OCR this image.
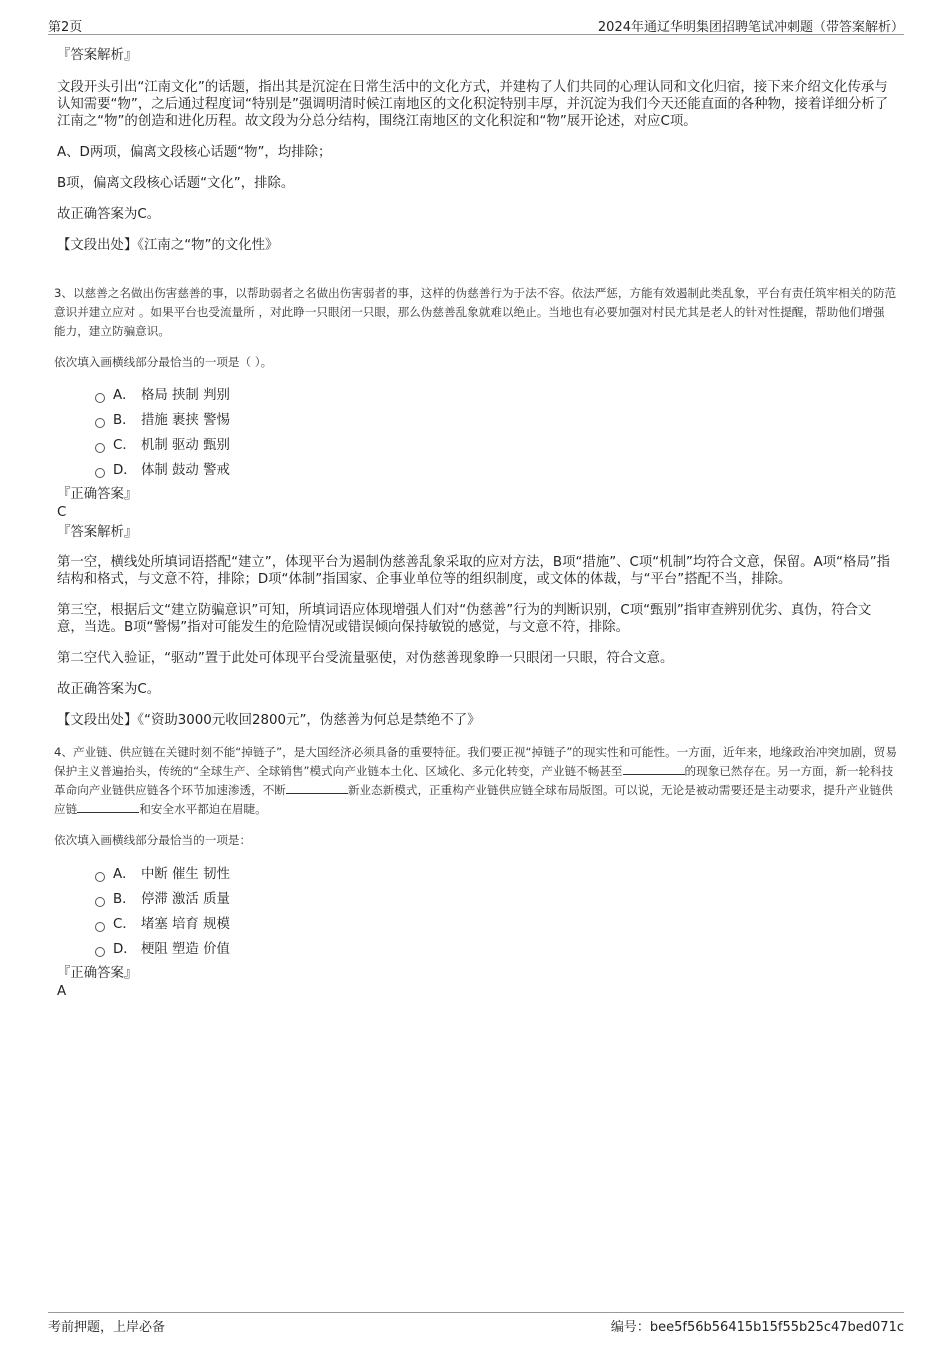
第2页	2024年通辽华明集团招聘笔试冲刺题（带答案解析）
『答案解析』

文段开头引出“江南文化”的话题，指出其是沉淀在日常生活中的文化方式，并建构了人们共同的心理认同和文化归宿，接下来介绍文化传承与认知需要“物”，之后通过程度词“特别是”强调明清时候江南地区的文化积淀特别丰厚，并沉淀为我们今天还能直面的各种物，接着详细分析了江南之“物”的创造和进化历程。故文段为分总分结构，围绕江南地区的文化积淀和“物”展开论述，对应C项。

A、D两项，偏离文段核心话题“物”，均排除；

B项，偏离文段核心话题“文化”，排除。

故正确答案为C。

【文段出处】《江南之“物”的文化性》

3、以慈善之名做出伤害慈善的事，以帮助弱者之名做出伤害弱者的事，这样的伪慈善行为于法不容。依法严惩，方能有效遏制此类乱象，平台有责任筑牢相关的防范意识并建立应对 。如果平台也受流量所 ，对此睁一只眼闭一只眼，那么伪慈善乱象就难以绝止。当地也有必要加强对村民尤其是老人的针对性提醒，帮助他们增强 能力，建立防骗意识。

依次填入画横线部分最恰当的一项是（ ）。

A． 格局 挟制 判别
B． 措施 裹挟 警惕
C． 机制 驱动 甄别
D． 体制 鼓动 警戒
『正确答案』
C
『答案解析』

第一空，横线处所填词语搭配“建立”，体现平台为遏制伪慈善乱象采取的应对方法，B项“措施”、C项“机制”均符合文意，保留。A项“格局”指结构和格式，与文意不符，排除；D项“体制”指国家、企事业单位等的组织制度，或文体的体裁，与“平台”搭配不当，排除。

第三空，根据后文“建立防骗意识”可知，所填词语应体现增强人们对“伪慈善”行为的判断识别，C项“甄别”指审查辨别优劣、真伪，符合文意，当选。B项“警惕”指对可能发生的危险情况或错误倾向保持敏锐的感觉，与文意不符，排除。

第二空代入验证，“驱动”置于此处可体现平台受流量驱使，对伪慈善现象睁一只眼闭一只眼，符合文意。

故正确答案为C。

【文段出处】《“资助3000元收回2800元”，伪慈善为何总是禁绝不了》

4、产业链、供应链在关键时刻不能“掉链子”，是大国经济必须具备的重要特征。我们要正视“掉链子”的现实性和可能性。一方面，近年来，地缘政治冲突加剧，贸易保护主义普遍抬头，传统的“全球生产、全球销售”模式向产业链本土化、区域化、多元化转变，产业链不畅甚至	的现象已然存在。另一方面，新一轮科技革命向产业链供应链各个环节加速渗透，不断	新业态新模式，正重构产业链供应链全球布局版图。可以说，无论是被动需要还是主动要求，提升产业链供应链	和安全水平都迫在眉睫。

依次填入画横线部分最恰当的一项是：

A． 中断 催生 韧性
B． 停滞 激活 质量
C． 堵塞 培育 规模
D． 梗阻 塑造 价值
『正确答案』
A
考前押题，上岸必备	编号：bee5f56b56415b15f55b25c47bed071c
